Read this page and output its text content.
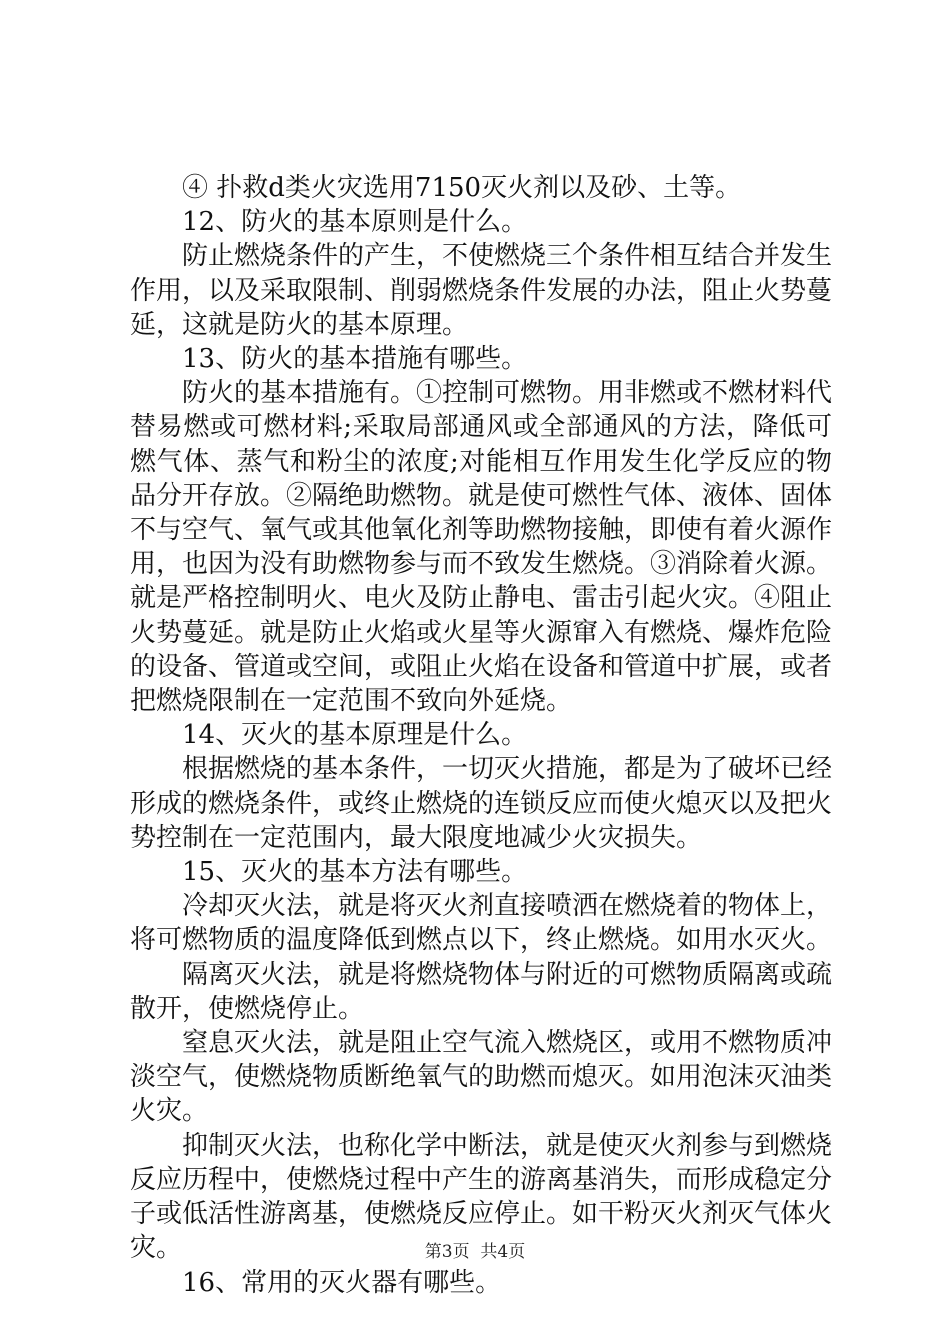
④ 扑救d类火灾选用7150灭火剂以及砂、土等。

12、防火的基本原则是什么。

防止燃烧条件的产生，不使燃烧三个条件相互结合并发生作用，以及采取限制、削弱燃烧条件发展的办法，阻止火势蔓延，这就是防火的基本原理。

13、防火的基本措施有哪些。

防火的基本措施有。①控制可燃物。用非燃或不燃材料代替易燃或可燃材料;采取局部通风或全部通风的方法，降低可燃气体、蒸气和粉尘的浓度;对能相互作用发生化学反应的物品分开存放。②隔绝助燃物。就是使可燃性气体、液体、固体不与空气、氧气或其他氧化剂等助燃物接触，即使有着火源作用，也因为没有助燃物参与而不致发生燃烧。③消除着火源。就是严格控制明火、电火及防止静电、雷击引起火灾。④阻止火势蔓延。就是防止火焰或火星等火源窜入有燃烧、爆炸危险的设备、管道或空间，或阻止火焰在设备和管道中扩展，或者把燃烧限制在一定范围不致向外延烧。

14、灭火的基本原理是什么。

根据燃烧的基本条件，一切灭火措施，都是为了破坏已经形成的燃烧条件，或终止燃烧的连锁反应而使火熄灭以及把火势控制在一定范围内，最大限度地减少火灾损失。

15、灭火的基本方法有哪些。

冷却灭火法，就是将灭火剂直接喷洒在燃烧着的物体上，将可燃物质的温度降低到燃点以下，终止燃烧。如用水灭火。

隔离灭火法，就是将燃烧物体与附近的可燃物质隔离或疏散开，使燃烧停止。

窒息灭火法，就是阻止空气流入燃烧区，或用不燃物质冲淡空气，使燃烧物质断绝氧气的助燃而熄灭。如用泡沫灭油类火灾。

抑制灭火法，也称化学中断法，就是使灭火剂参与到燃烧反应历程中，使燃烧过程中产生的游离基消失，而形成稳定分子或低活性游离基，使燃烧反应停止。如干粉灭火剂灭气体火灾。

16、常用的灭火器有哪些。

第3页 共4页
